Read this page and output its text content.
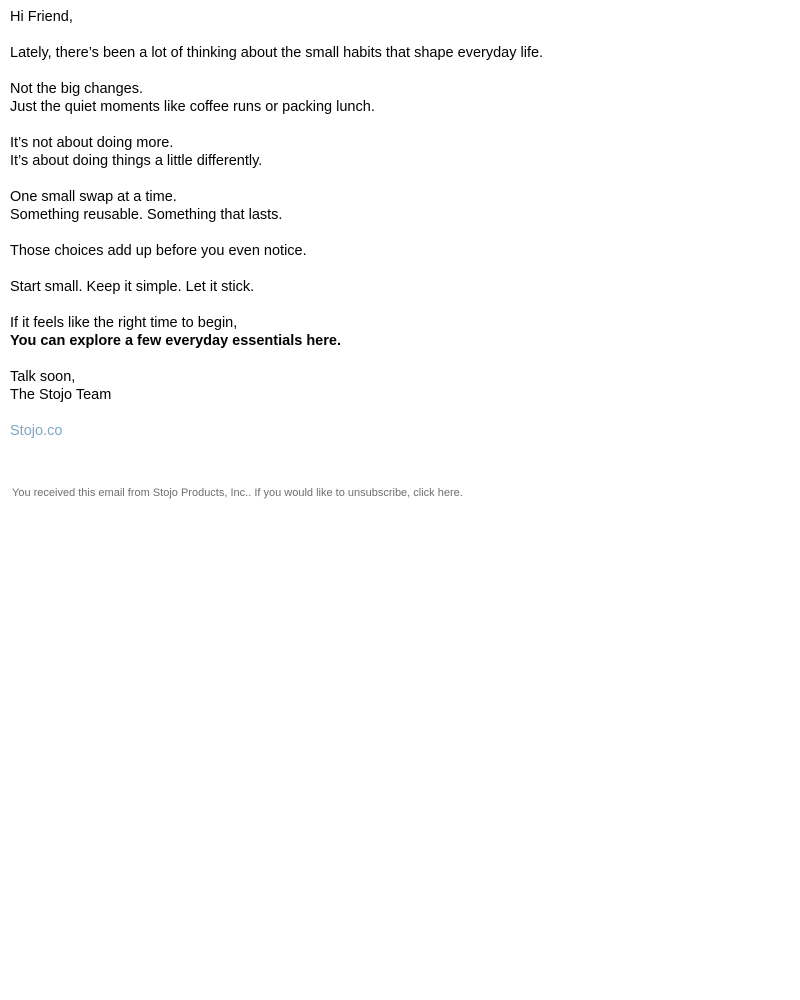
Hi Friend,

Lately, there’s been a lot of thinking about the small habits that shape everyday life.

Not the big changes.
Just the quiet moments like coffee runs or packing lunch.

It’s not about doing more.
It’s about doing things a little differently.

One small swap at a time.
Something reusable. Something that lasts.

Those choices add up before you even notice.

Start small. Keep it simple. Let it stick.

If it feels like the right time to begin,
You can explore a few everyday essentials here.

Talk soon,
The Stojo Team

Stojo.co

You received this email from Stojo Products, Inc.. If you would like to unsubscribe, click here.
